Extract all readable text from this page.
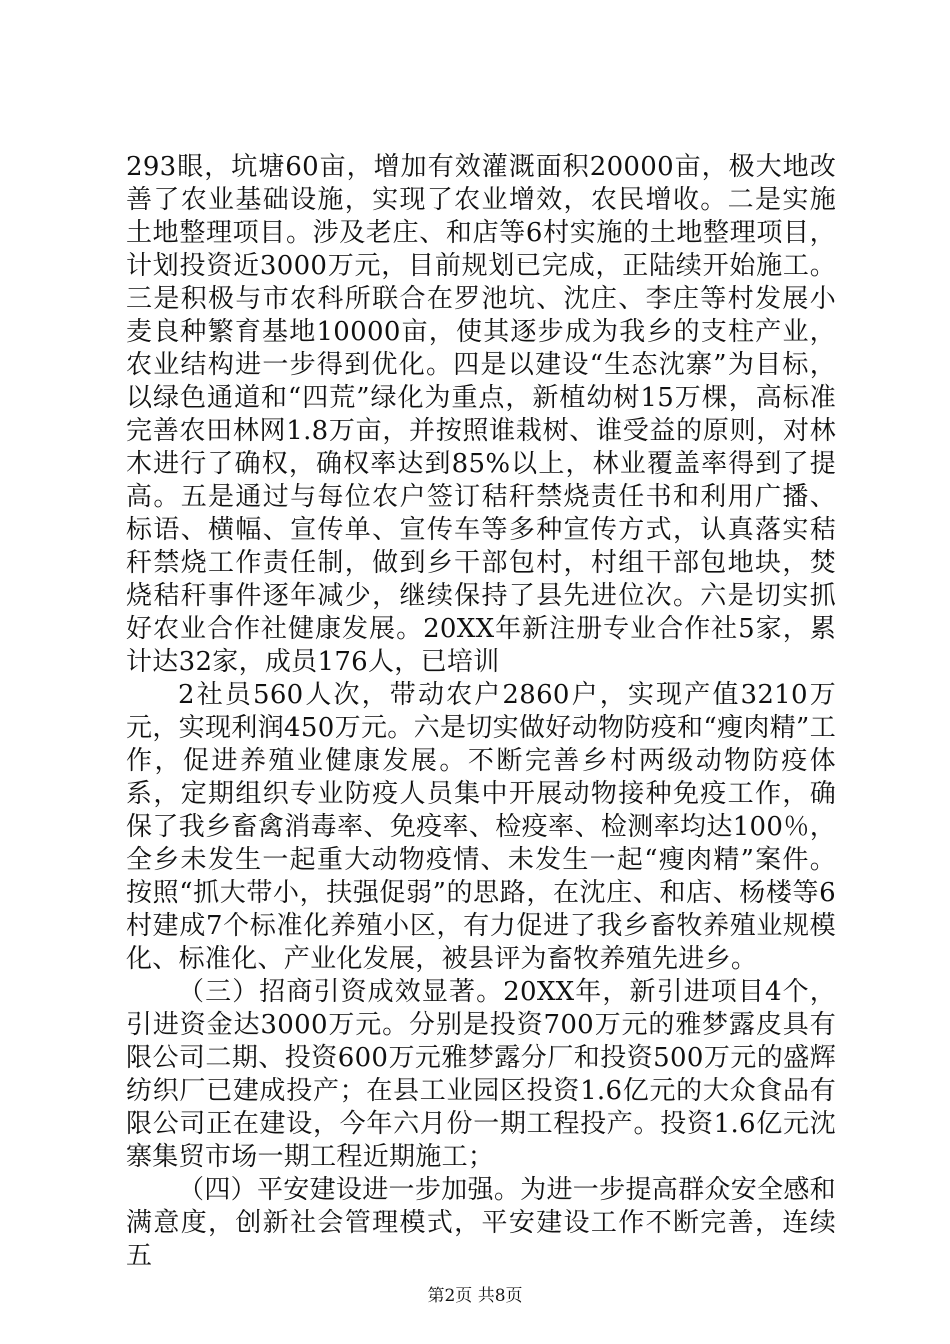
293眼，坑塘60亩，增加有效灌溉面积20000亩，极大地改善了农业基础设施，实现了农业增效，农民增收。二是实施土地整理项目。涉及老庄、和店等6村实施的土地整理项目，计划投资近3000万元，目前规划已完成，正陆续开始施工。三是积极与市农科所联合在罗池坑、沈庄、李庄等村发展小麦良种繁育基地10000亩，使其逐步成为我乡的支柱产业，农业结构进一步得到优化。四是以建设“生态沈寨”为目标，以绿色通道和“四荒”绿化为重点，新植幼树15万棵，高标准完善农田林网1.8万亩，并按照谁栽树、谁受益的原则，对林木进行了确权，确权率达到85%以上，林业覆盖率得到了提高。五是通过与每位农户签订秸秆禁烧责任书和利用广播、标语、横幅、宣传单、宣传车等多种宣传方式，认真落实秸秆禁烧工作责任制，做到乡干部包村，村组干部包地块，焚烧秸秆事件逐年减少，继续保持了县先进位次。六是切实抓好农业合作社健康发展。20XX年新注册专业合作社5家，累计达32家，成员176人，已培训

2社员560人次，带动农户2860户，实现产值3210万元，实现利润450万元。六是切实做好动物防疫和“瘦肉精”工作，促进养殖业健康发展。不断完善乡村两级动物防疫体系，定期组织专业防疫人员集中开展动物接种免疫工作，确保了我乡畜禽消毒率、免疫率、检疫率、检测率均达100％，全乡未发生一起重大动物疫情、未发生一起“瘦肉精”案件。按照“抓大带小，扶强促弱”的思路，在沈庄、和店、杨楼等6村建成7个标准化养殖小区，有力促进了我乡畜牧养殖业规模化、标准化、产业化发展，被县评为畜牧养殖先进乡。

（三）招商引资成效显著。20XX年，新引进项目4个，引进资金达3000万元。分别是投资700万元的雅梦露皮具有限公司二期、投资600万元雅梦露分厂和投资500万元的盛辉纺织厂已建成投产；在县工业园区投资1.6亿元的大众食品有限公司正在建设，今年六月份一期工程投产。投资1.6亿元沈寨集贸市场一期工程近期施工；

（四）平安建设进一步加强。为进一步提高群众安全感和满意度，创新社会管理模式，平安建设工作不断完善，连续五

第2页 共8页
